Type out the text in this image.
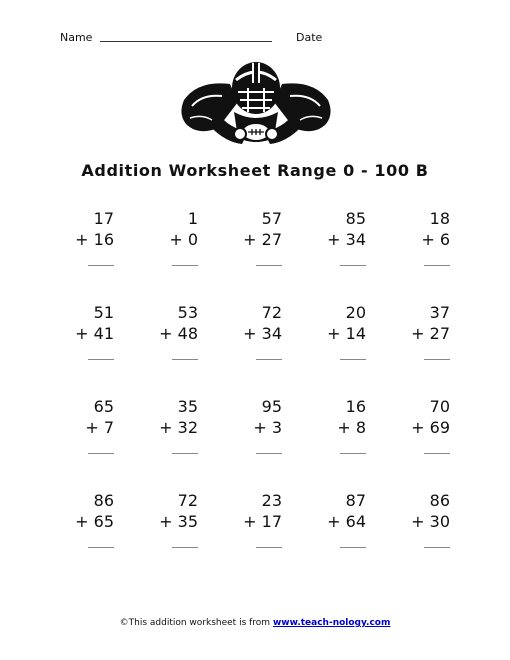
Name	Date
Addition Worksheet Range 0 - 100 B
17
+ 16
1
+ 0
57
+ 27
85
+ 34
18
+ 6
51
+ 41
53
+ 48
72
+ 34
20
+ 14
37
+ 27
65
+ 7
35
+ 32
95
+ 3
16
+ 8
70
+ 69
86
+ 65
72
+ 35
23
+ 17
87
+ 64
86
+ 30
©This addition worksheet is from www.teach-nology.com
